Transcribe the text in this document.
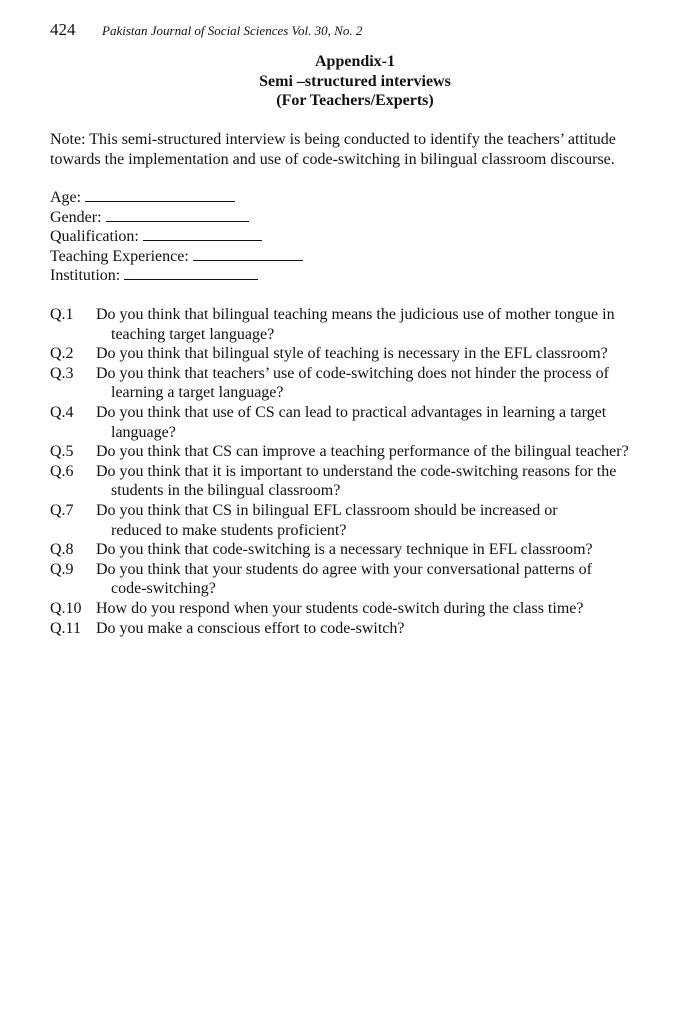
424 Pakistan Journal of Social Sciences Vol. 30, No. 2
Appendix-1
Semi –structured interviews
(For Teachers/Experts)
Note: This semi-structured interview is being conducted to identify the teachers’ attitude
towards the implementation and use of code-switching in bilingual classroom discourse.
Age:
Gender:
Qualification:
Teaching Experience:
Institution:
Q.1	Do you think that bilingual teaching means the judicious use of mother tongue in
teaching target language?
Q.2	Do you think that bilingual style of teaching is necessary in the EFL classroom?
Q.3	Do you think that teachers’ use of code-switching does not hinder the process of
learning a target language?
Q.4	Do you think that use of CS can lead to practical advantages in learning a target
language?
Q.5	Do you think that CS can improve a teaching performance of the bilingual teacher?
Q.6	Do you think that it is important to understand the code-switching reasons for the
students in the bilingual classroom?
Q.7	Do you think that CS in bilingual EFL classroom should be increased or
reduced to make students proficient?
Q.8	Do you think that code-switching is a necessary technique in EFL classroom?
Q.9	Do you think that your students do agree with your conversational patterns of
code-switching?
Q.10 How do you respond when your students code-switch during the class time?
Q.11 Do you make a conscious effort to code-switch?
